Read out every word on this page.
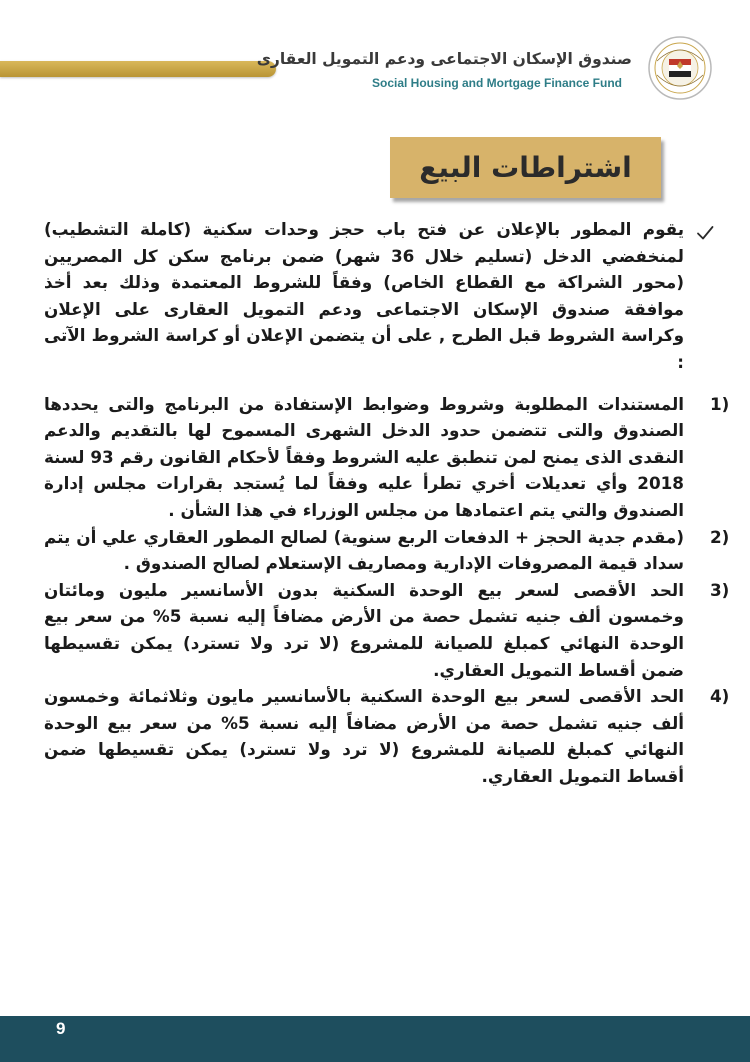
صندوق الإسكان الاجتماعى ودعم التمويل العقارى
Social Housing and Mortgage Finance Fund
اشتراطات البيع

يقوم المطور بالإعلان عن فتح باب حجز وحدات سكنية (كاملة التشطيب) لمنخفضي الدخل (تسليم خلال 36 شهر) ضمن برنامج سكن كل المصريين (محور الشراكة مع القطاع الخاص) وفقاً للشروط المعتمدة وذلك بعد أخذ موافقة صندوق الإسكان الاجتماعى ودعم التمويل العقارى على الإعلان وكراسة الشروط قبل الطرح , على أن يتضمن الإعلان أو كراسة الشروط الآتى :

1)
المستندات المطلوبة وشروط وضوابط الإستفادة من البرنامج والتى يحددها الصندوق والتى تتضمن حدود الدخل الشهرى المسموح لها بالتقديم والدعم النقدى الذى يمنح لمن تنطبق عليه الشروط وفقاً لأحكام القانون رقم 93 لسنة 2018 وأي تعديلات أخري تطرأ عليه وفقاً لما يُستجد بقرارات مجلس إدارة الصندوق والتي يتم اعتمادها من مجلس الوزراء في هذا الشأن .
2)
(مقدم جدية الحجز + الدفعات الربع سنوية) لصالح المطور العقاري علي أن يتم سداد قيمة المصروفات الإدارية ومصاريف الإستعلام لصالح الصندوق .
3)
الحد الأقصى لسعر بيع الوحدة السكنية بدون الأسانسير مليون ومائتان وخمسون ألف جنيه تشمل حصة من الأرض مضافاً إليه نسبة 5% من سعر بيع الوحدة النهائي كمبلغ للصيانة للمشروع (لا ترد ولا تسترد) يمكن تقسيطها ضمن أقساط التمويل العقاري.
4)
الحد الأقصى لسعر بيع الوحدة السكنية بالأسانسير مايون وثلاثمائة وخمسون ألف جنيه تشمل حصة من الأرض مضافاً إليه نسبة 5% من سعر بيع الوحدة النهائي كمبلغ للصيانة للمشروع (لا ترد ولا تسترد) يمكن تقسيطها ضمن أقساط التمويل العقاري.
9
